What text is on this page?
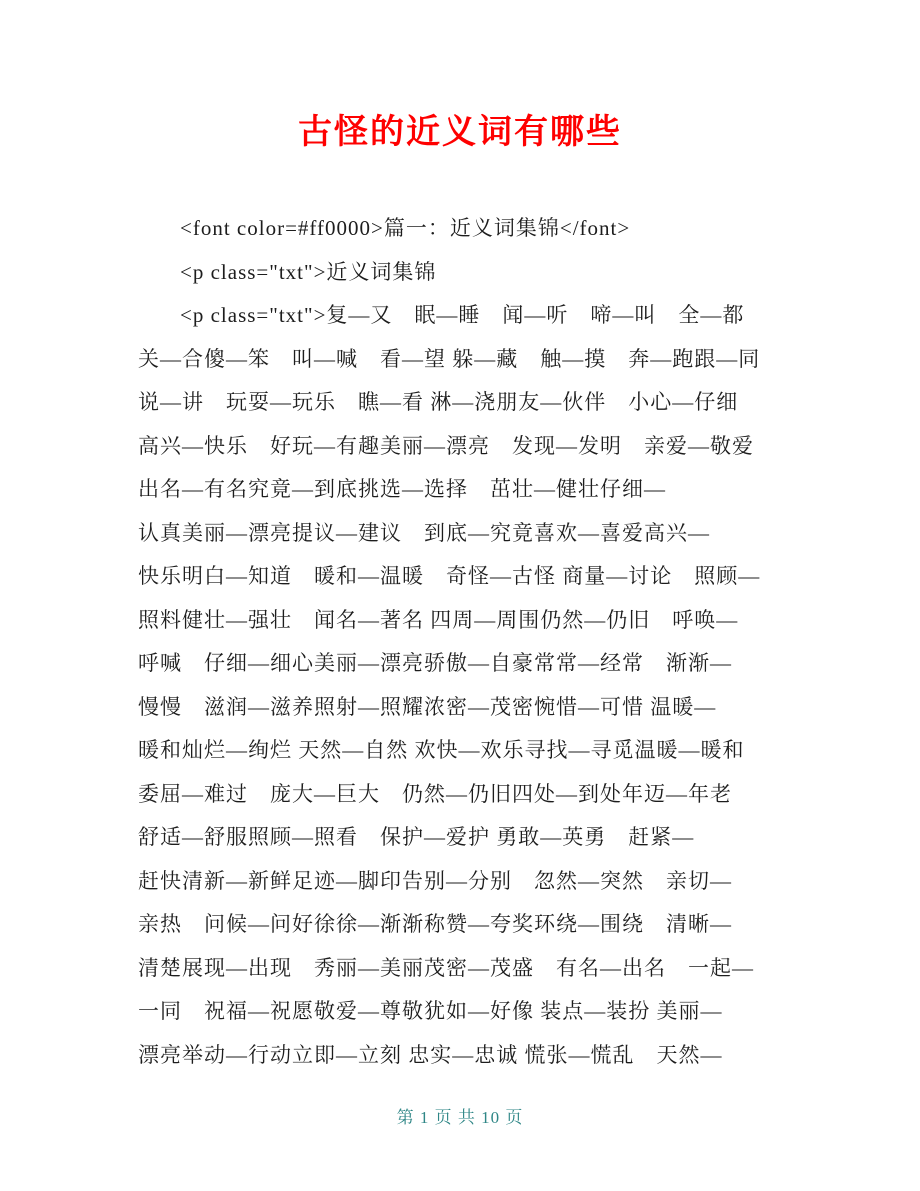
古怪的近义词有哪些

<font color=#ff0000>篇一：近义词集锦</font>

<p class="txt">近义词集锦

<p class="txt">复—又　眠—睡　闻—听　啼—叫　全—都

关—合傻—笨　叫—喊　看—望 躲—藏　触—摸　奔—跑跟—同

说—讲　玩耍—玩乐　瞧—看 淋—浇朋友—伙伴　小心—仔细

高兴—快乐　好玩—有趣美丽—漂亮　发现—发明　亲爱—敬爱

出名—有名究竟—到底挑选—选择　茁壮—健壮仔细—

认真美丽—漂亮提议—建议　到底—究竟喜欢—喜爱高兴—

快乐明白—知道　暖和—温暖　奇怪—古怪 商量—讨论　照顾—

照料健壮—强壮　闻名—著名 四周—周围仍然—仍旧　呼唤—

呼喊　仔细—细心美丽—漂亮骄傲—自豪常常—经常　渐渐—

慢慢　滋润—滋养照射—照耀浓密—茂密惋惜—可惜 温暖—

暖和灿烂—绚烂 天然—自然 欢快—欢乐寻找—寻觅温暖—暖和

委屈—难过　庞大—巨大　仍然—仍旧四处—到处年迈—年老

舒适—舒服照顾—照看　保护—爱护 勇敢—英勇　赶紧—

赶快清新—新鲜足迹—脚印告别—分别　忽然—突然　亲切—

亲热　问候—问好徐徐—渐渐称赞—夸奖环绕—围绕　清晰—

清楚展现—出现　秀丽—美丽茂密—茂盛　有名—出名　一起—

一同　祝福—祝愿敬爱—尊敬犹如—好像 装点—装扮 美丽—

漂亮举动—行动立即—立刻 忠实—忠诚 慌张—慌乱　天然—

第 1 页 共 10 页
